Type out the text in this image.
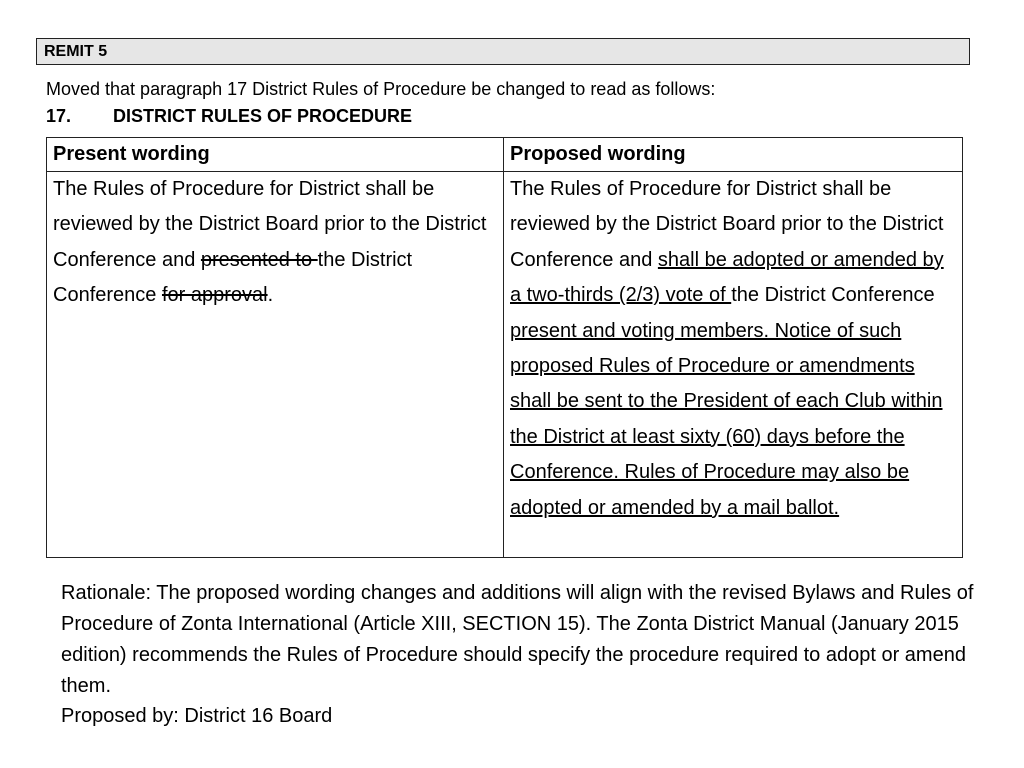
REMIT 5
Moved that paragraph 17 District Rules of Procedure be changed to read as follows:
17. DISTRICT RULES OF PROCEDURE
Present wording	Proposed wording
The Rules of Procedure for District shall be reviewed by the District Board prior to the District Conference and presented to the District Conference for approval.	The Rules of Procedure for District shall be reviewed by the District Board prior to the District Conference and shall be adopted or amended by a two-thirds (2/3) vote of the District Conference present and voting members. Notice of such proposed Rules of Procedure or amendments shall be sent to the President of each Club within the District at least sixty (60) days before the Conference. Rules of Procedure may also be adopted or amended by a mail ballot.
Rationale: The proposed wording changes and additions will align with the revised Bylaws and Rules of Procedure of Zonta International (Article XIII, SECTION 15). The Zonta District Manual (January 2015 edition) recommends the Rules of Procedure should specify the procedure required to adopt or amend them.
Proposed by: District 16 Board
